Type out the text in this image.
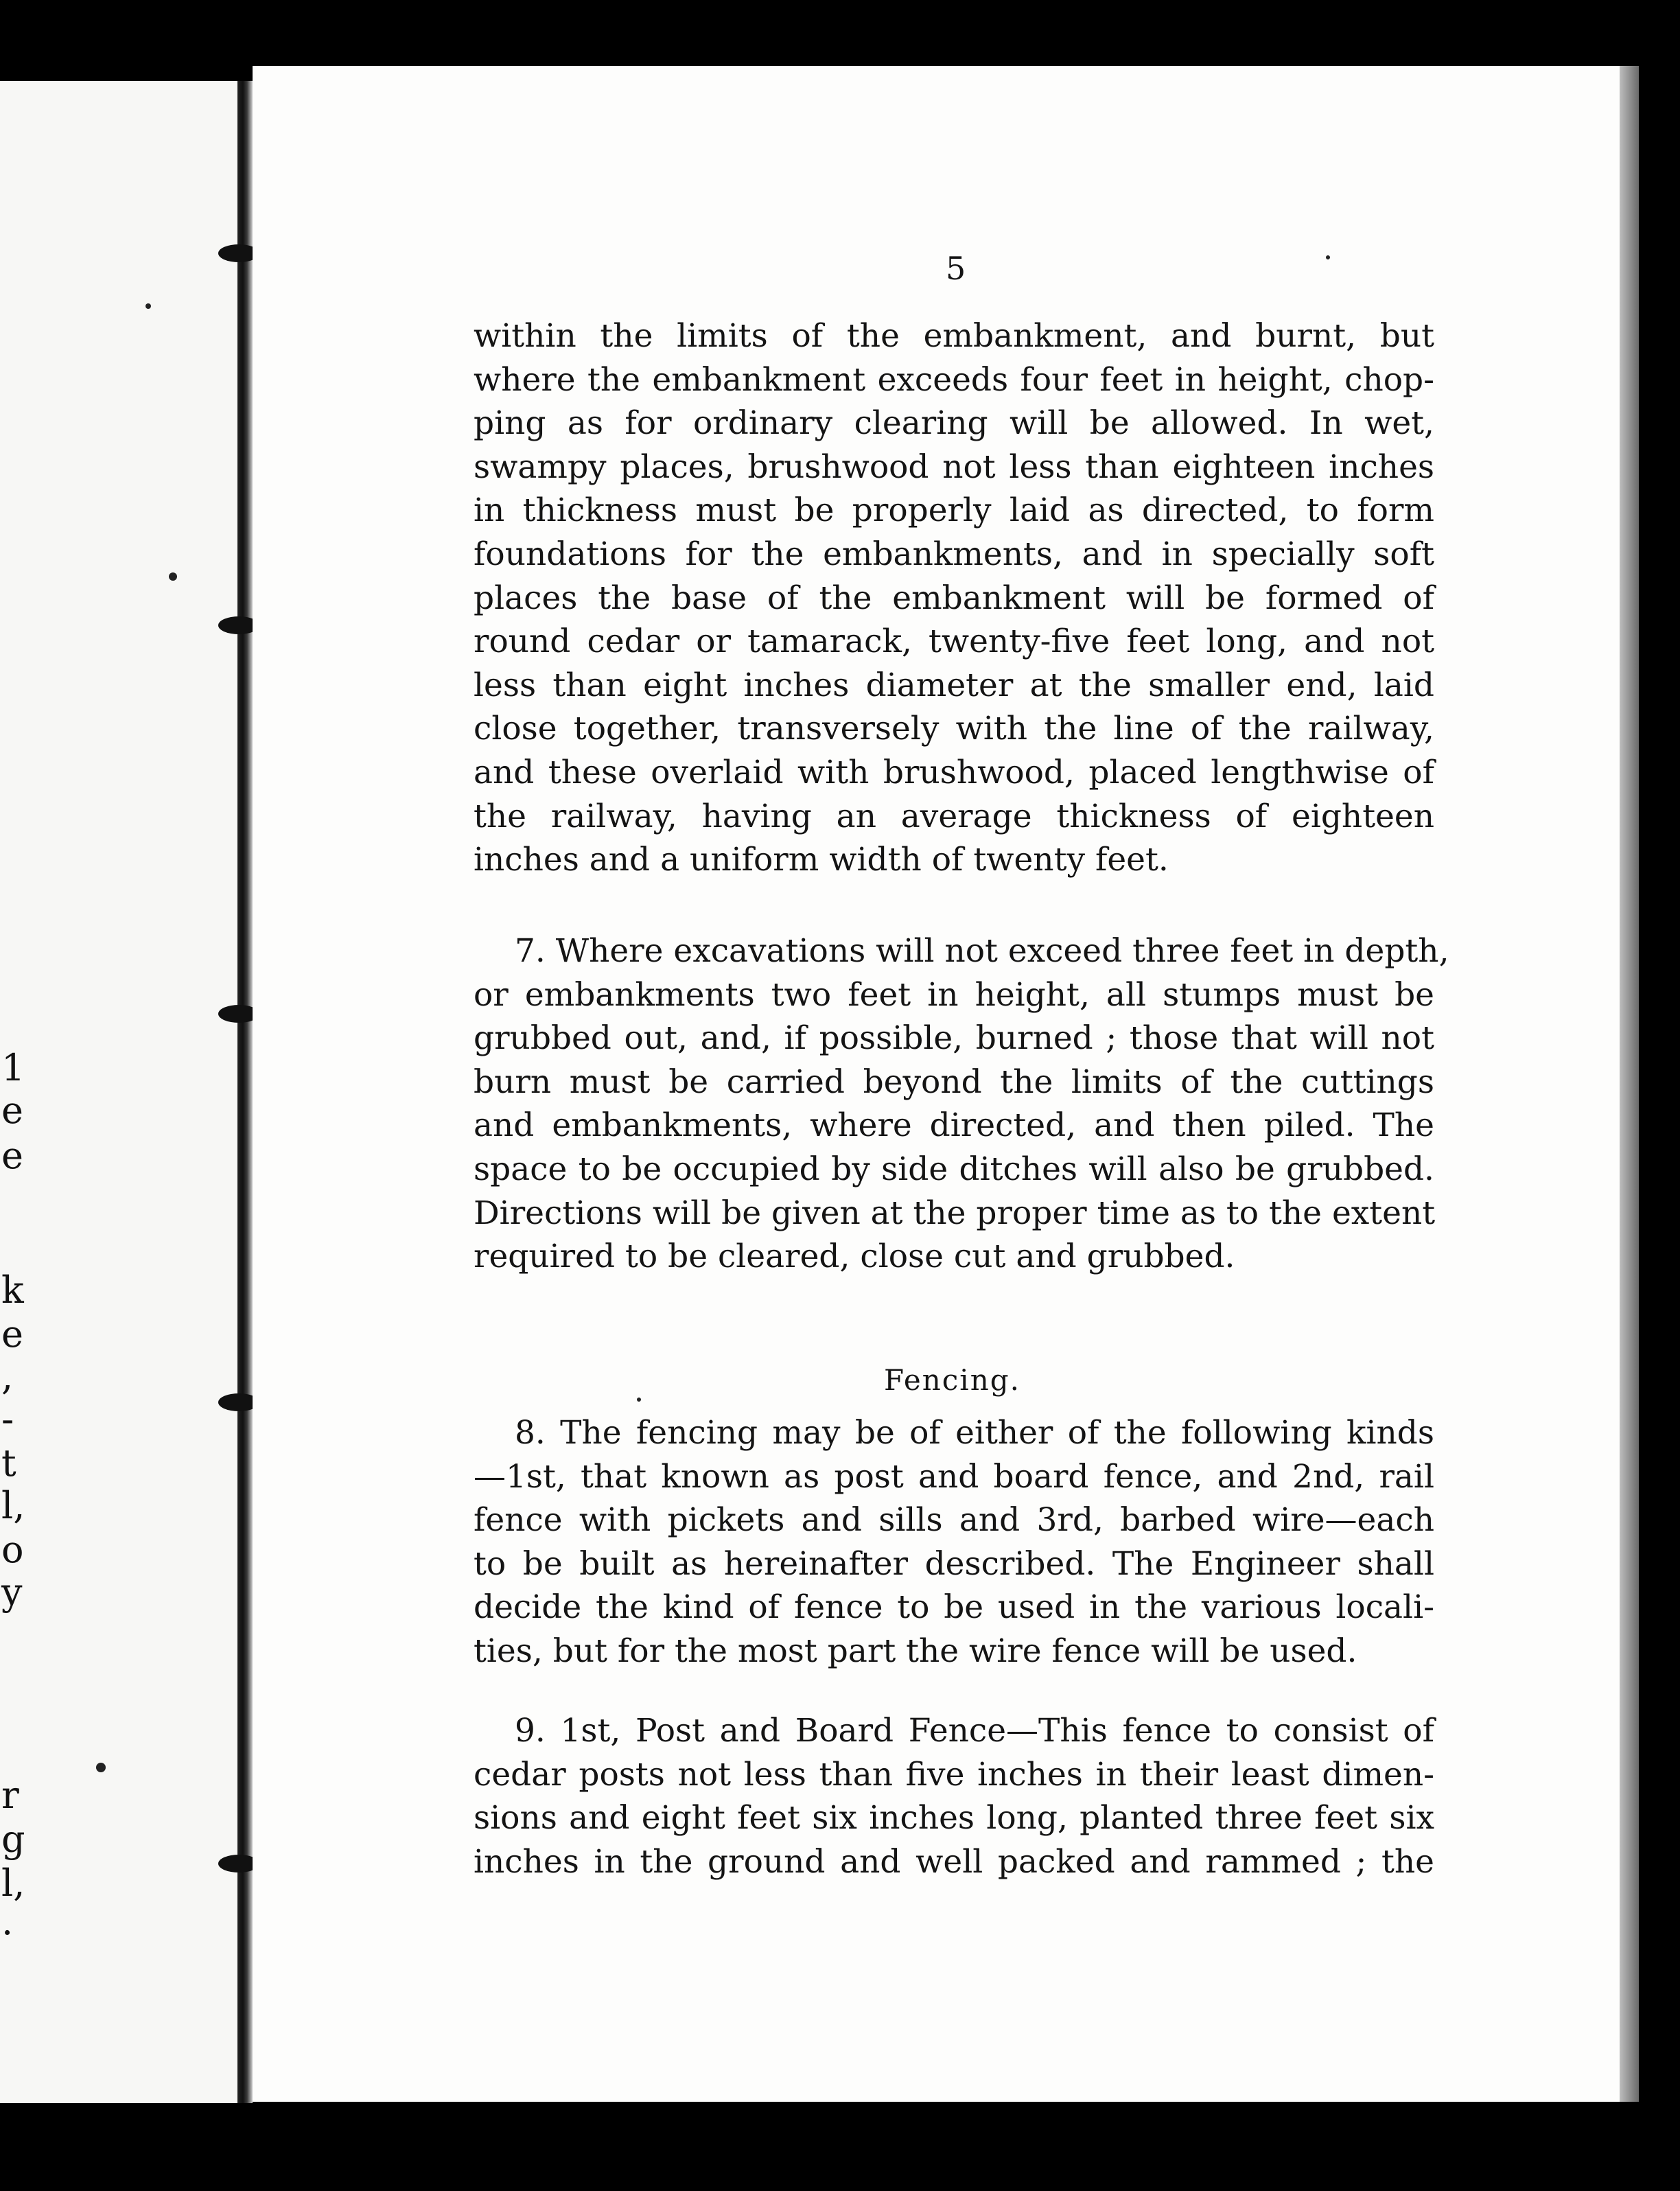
1
e
e
k
e
,
-
t
l,
o
y
r
g
l,
.
5
within the limits of the embankment, and burnt, but
where the embankment exceeds four feet in height, chop-
ping as for ordinary clearing will be allowed. In wet,
swampy places, brushwood not less than eighteen inches
in thickness must be properly laid as directed, to form
foundations for the embankments, and in specially soft
places the base of the embankment will be formed of
round cedar or tamarack, twenty-five feet long, and not
less than eight inches diameter at the smaller end, laid
close together, transversely with the line of the railway,
and these overlaid with brushwood, placed lengthwise of
the railway, having an average thickness of eighteen
inches and a uniform width of twenty feet.
7. Where excavations will not exceed three feet in depth,
or embankments two feet in height, all stumps must be
grubbed out, and, if possible, burned ; those that will not
burn must be carried beyond the limits of the cuttings
and embankments, where directed, and then piled. The
space to be occupied by side ditches will also be grubbed.
Directions will be given at the proper time as to the extent
required to be cleared, close cut and grubbed.
Fencing.
8. The fencing may be of either of the following kinds
—1st, that known as post and board fence, and 2nd, rail
fence with pickets and sills and 3rd, barbed wire—each
to be built as hereinafter described. The Engineer shall
decide the kind of fence to be used in the various locali-
ties, but for the most part the wire fence will be used.
9. 1st, Post and Board Fence—This fence to consist of
cedar posts not less than five inches in their least dimen-
sions and eight feet six inches long, planted three feet six
inches in the ground and well packed and rammed ; the
